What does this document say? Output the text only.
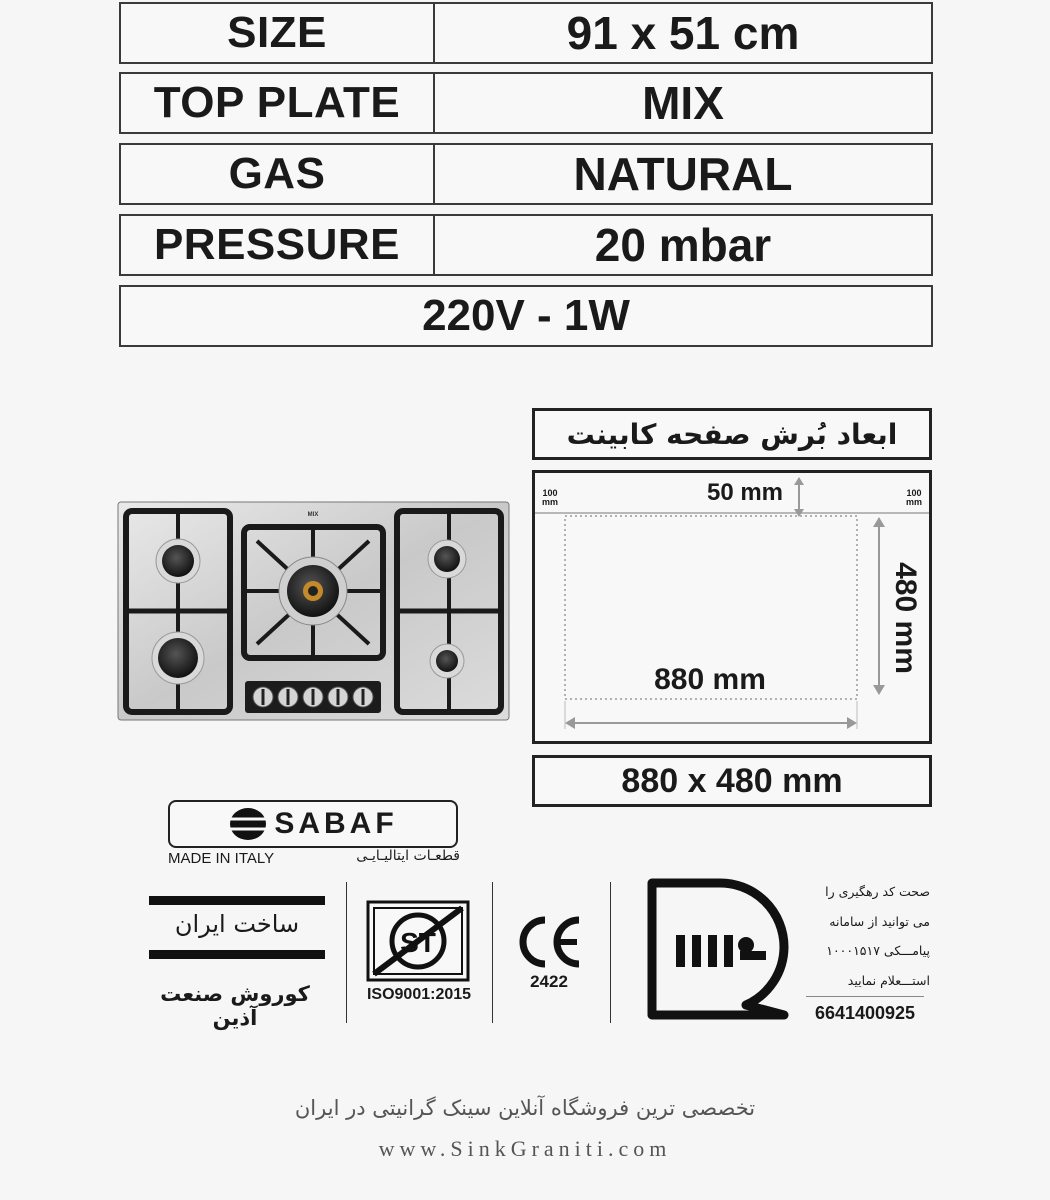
SIZE	91 x 51 cm
TOP PLATE	MIX
GAS	NATURAL
PRESSURE	20 mbar
220V - 1W
MIX
ابعاد بُرش صفحه کابینت
100
mm
100
mm
50 mm
480 mm
880 mm
880 x 480 mm
SABAF
MADE IN ITALY	قطعـات ایتالیـایـی
ساخت ایران
کوروش صنعت آذین
ST
ISO9001:2015
2422
صحت کد رهگیری را
می توانید از سامانه
پیامـــکی ۱۰۰۰۱۵۱۷
استـــعلام نمایید
6641400925
تخصصی ترین فروشگاه آنلاین سینک گرانیتی در ایران
www.SinkGraniti.com
